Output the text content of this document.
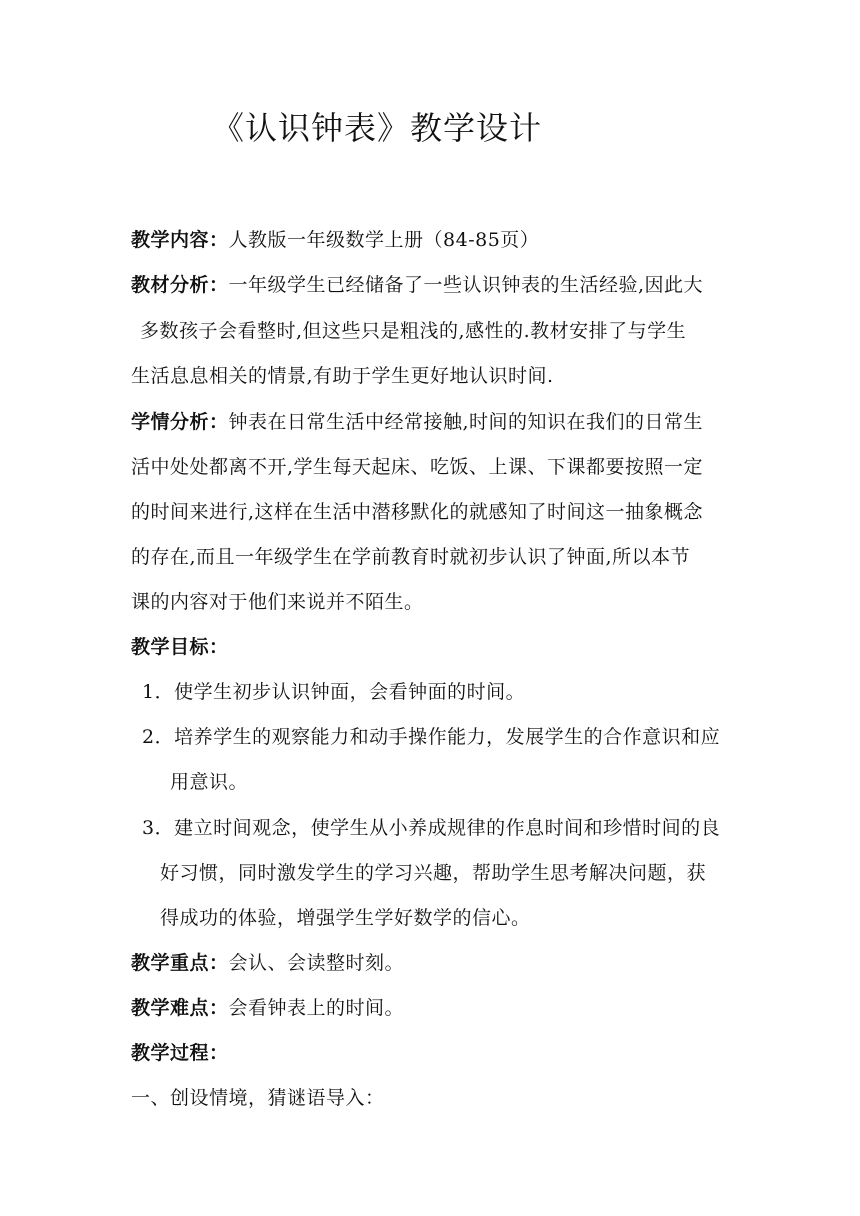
《认识钟表》教学设计
教学内容：人教版一年级数学上册（84-85页）
教材分析：一年级学生已经储备了一些认识钟表的生活经验,因此大
多数孩子会看整时,但这些只是粗浅的,感性的.教材安排了与学生
生活息息相关的情景,有助于学生更好地认识时间.
学情分析：钟表在日常生活中经常接触,时间的知识在我们的日常生
活中处处都离不开,学生每天起床、吃饭、上课、下课都要按照一定
的时间来进行,这样在生活中潜移默化的就感知了时间这一抽象概念
的存在,而且一年级学生在学前教育时就初步认识了钟面,所以本节
课的内容对于他们来说并不陌生。
教学目标：
1．使学生初步认识钟面，会看钟面的时间。
2．培养学生的观察能力和动手操作能力，发展学生的合作意识和应
用意识。
3．建立时间观念，使学生从小养成规律的作息时间和珍惜时间的良
好习惯，同时激发学生的学习兴趣，帮助学生思考解决问题，获
得成功的体验，增强学生学好数学的信心。
教学重点：会认、会读整时刻。
教学难点：会看钟表上的时间。
教学过程：
一、创设情境，猜谜语导入：
